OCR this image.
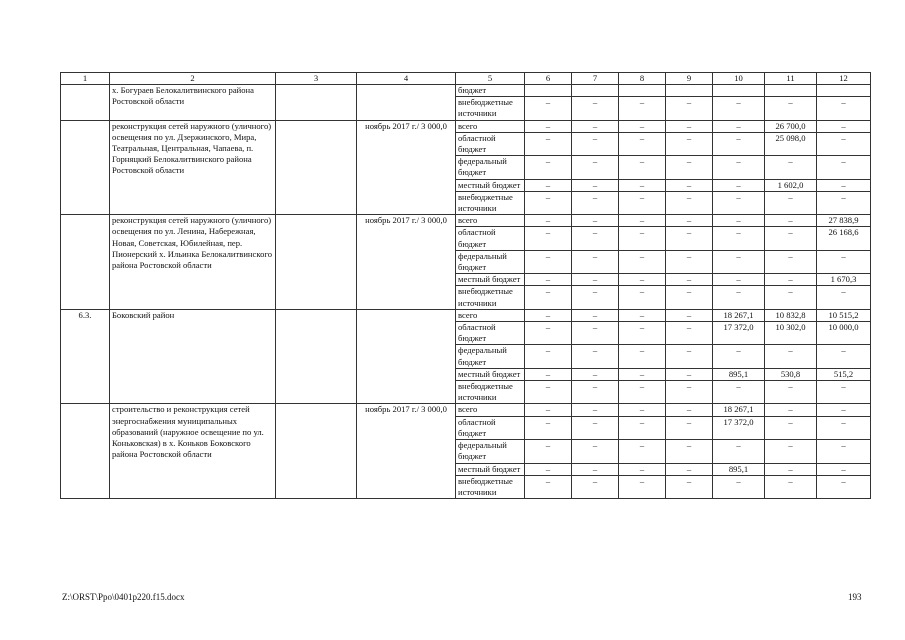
1	2	3	4	5	6	7	8	9	10	11	12
	х. Богураев Белокалитвинского района Ростовской области			бюджет							
				внебюджетные источники	–	–	–	–	–	–	–
	реконструкция сетей наружного (уличного) освещения по ул. Дзержинского, Мира, Театральная, Центральная, Чапаева, п. Горняцкий Белокалитвинского района Ростовской области		ноябрь 2017 г./ 3 000,0	всего	–	–	–	–	–	26 700,0	–
				областной бюджет	–	–	–	–	–	25 098,0	–
				федеральный бюджет	–	–	–	–	–	–	–
				местный бюджет	–	–	–	–	–	1 602,0	–
				внебюджетные источники	–	–	–	–	–	–	–
	реконструкция сетей наружного (уличного) освещения по ул. Ленина, Набережная, Новая, Советская, Юбилейная, пер. Пионерский х. Ильинка Белокалитвинского района Ростовской области		ноябрь 2017 г./ 3 000,0	всего	–	–	–	–	–	–	27 838,9
				областной бюджет	–	–	–	–	–	–	26 168,6
				федеральный бюджет	–	–	–	–	–	–	–
				местный бюджет	–	–	–	–	–	–	1 670,3
				внебюджетные источники	–	–	–	–	–	–	–
6.3.	Боковский район			всего	–	–	–	–	18 267,1	10 832,8	10 515,2
				областной бюджет	–	–	–	–	17 372,0	10 302,0	10 000,0
				федеральный бюджет	–	–	–	–	–	–	–
				местный бюджет	–	–	–	–	895,1	530,8	515,2
				внебюджетные источники	–	–	–	–	–	–	–
	строительство и реконструкция сетей энергоснабжения муниципальных образований (наружное освещение по ул. Коньковская) в х. Коньков Боковского района Ростовской области		ноябрь 2017 г./ 3 000,0	всего	–	–	–	–	18 267,1	–	–
				областной бюджет	–	–	–	–	17 372,0	–	–
				федеральный бюджет	–	–	–	–	–	–	–
				местный бюджет	–	–	–	–	895,1	–	–
				внебюджетные источники	–	–	–	–	–	–	–
Z:\ORST\Ppo\0401p220.f15.docx	193
